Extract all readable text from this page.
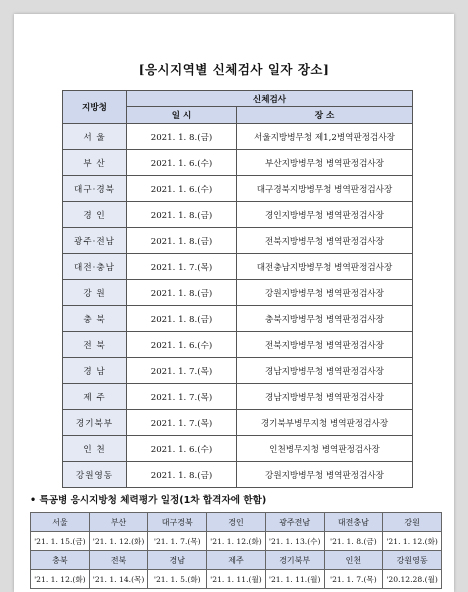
[응시지역별 신체검사 일자 장소]
지방청	신체검사	
	일 시	장 소
서 울	2021. 1. 8.(금)	서울지방병무청 제1,2병역판정검사장
부 산	2021. 1. 6.(수)	부산지방병무청 병역판정검사장
대구·경북	2021. 1. 6.(수)	대구경북지방병무청 병역판정검사장
경 인	2021. 1. 8.(금)	경인지방병무청 병역판정검사장
광주·전남	2021. 1. 8.(금)	전북지방병무청 병역판정검사장
대전·충남	2021. 1. 7.(목)	대전충남지방병무청 병역판정검사장
강 원	2021. 1. 8.(금)	강원지방병무청 병역판정검사장
충 북	2021. 1. 8.(금)	충북지방병무청 병역판정검사장
전 북	2021. 1. 6.(수)	전북지방병무청 병역판정검사장
경 남	2021. 1. 7.(목)	경남지방병무청 병역판정검사장
제 주	2021. 1. 7.(목)	경남지방병무청 병역판정검사장
경기북부	2021. 1. 7.(목)	경기북부병무지청 병역판정검사장
인 천	2021. 1. 6.(수)	인천병무지청 병역판정검사장
강원영동	2021. 1. 8.(금)	강원지방병무청 병역판정검사장
• 특공병 응시지방청 체력평가 일정(1차 합격자에 한함)
서울	부산	대구경북	경인	광주전남	대전충남	강원
'21. 1. 15.(금)	'21. 1. 12.(화)	'21. 1. 7.(목)	'21. 1. 12.(화)	'21. 1. 13.(수)	'21. 1. 8.(금)	'21. 1. 12.(화)
충북	전북	경남	제주	경기북부	인천	강원영동
'21. 1. 12.(화)	'21. 1. 14.(목)	'21. 1. 5.(화)	'21. 1. 11.(월)	'21. 1. 11.(월)	'21. 1. 7.(목)	'20.12.28.(월)
